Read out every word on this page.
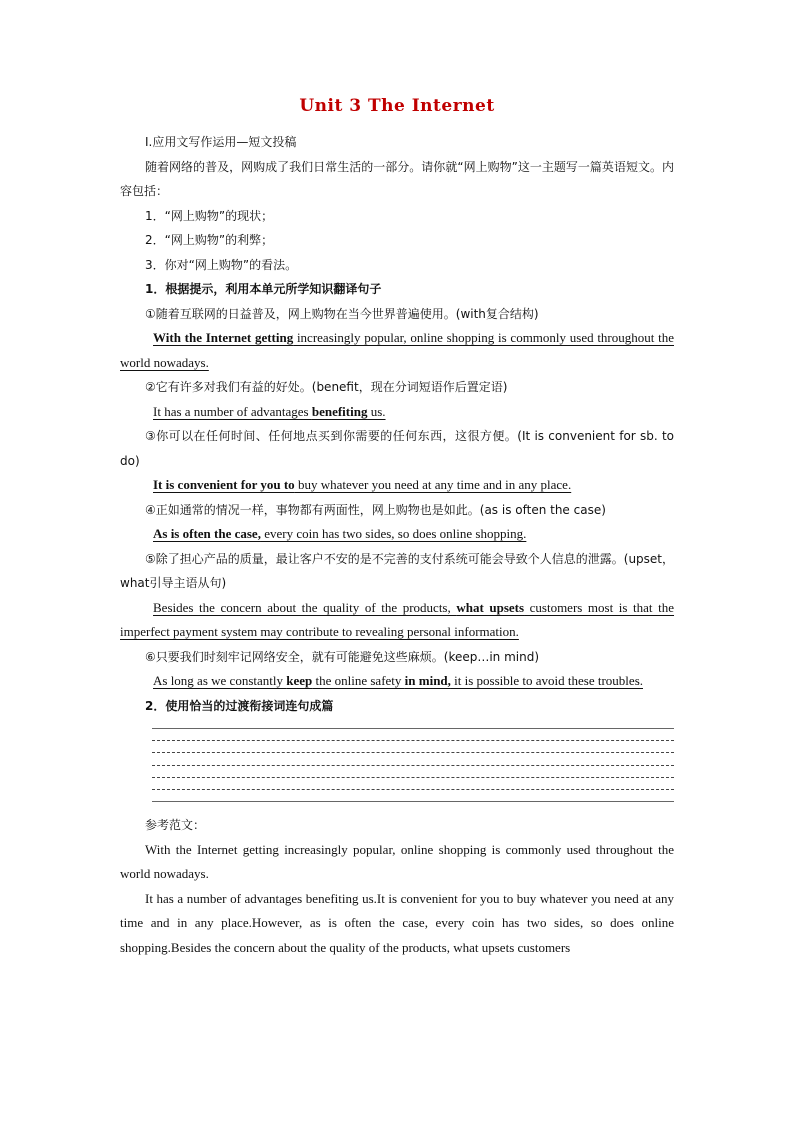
Unit 3 The Internet

Ⅰ.应用文写作运用—短文投稿

随着网络的普及，网购成了我们日常生活的一部分。请你就“网上购物”这一主题写一篇英语短文。内容包括：

1．“网上购物”的现状；

2．“网上购物”的利弊；

3．你对“网上购物”的看法。

1．根据提示，利用本单元所学知识翻译句子

①随着互联网的日益普及，网上购物在当今世界普遍使用。(with复合结构)

With the Internet getting increasingly popular, online shopping is commonly used throughout the world nowadays.

②它有许多对我们有益的好处。(benefit，现在分词短语作后置定语)

It has a number of advantages benefiting us.

③你可以在任何时间、任何地点买到你需要的任何东西，这很方便。(It is convenient for sb. to do)

It is convenient for you to buy whatever you need at any time and in any place.

④正如通常的情况一样，事物都有两面性，网上购物也是如此。(as is often the case)

As is often the case, every coin has two sides, so does online shopping.

⑤除了担心产品的质量，最让客户不安的是不完善的支付系统可能会导致个人信息的泄露。(upset，what引导主语从句)

Besides the concern about the quality of the products, what upsets customers most is that the imperfect payment system may contribute to revealing personal information.

⑥只要我们时刻牢记网络安全，就有可能避免这些麻烦。(keep…in mind)

As long as we constantly keep the online safety in mind, it is possible to avoid these troubles.

2．使用恰当的过渡衔接词连句成篇

参考范文：

With the Internet getting increasingly popular, online shopping is commonly used throughout the world nowadays.

It has a number of advantages benefiting us.It is convenient for you to buy whatever you need at any time and in any place.However, as is often the case, every coin has two sides, so does online shopping.Besides the concern about the quality of the products, what upsets customers
